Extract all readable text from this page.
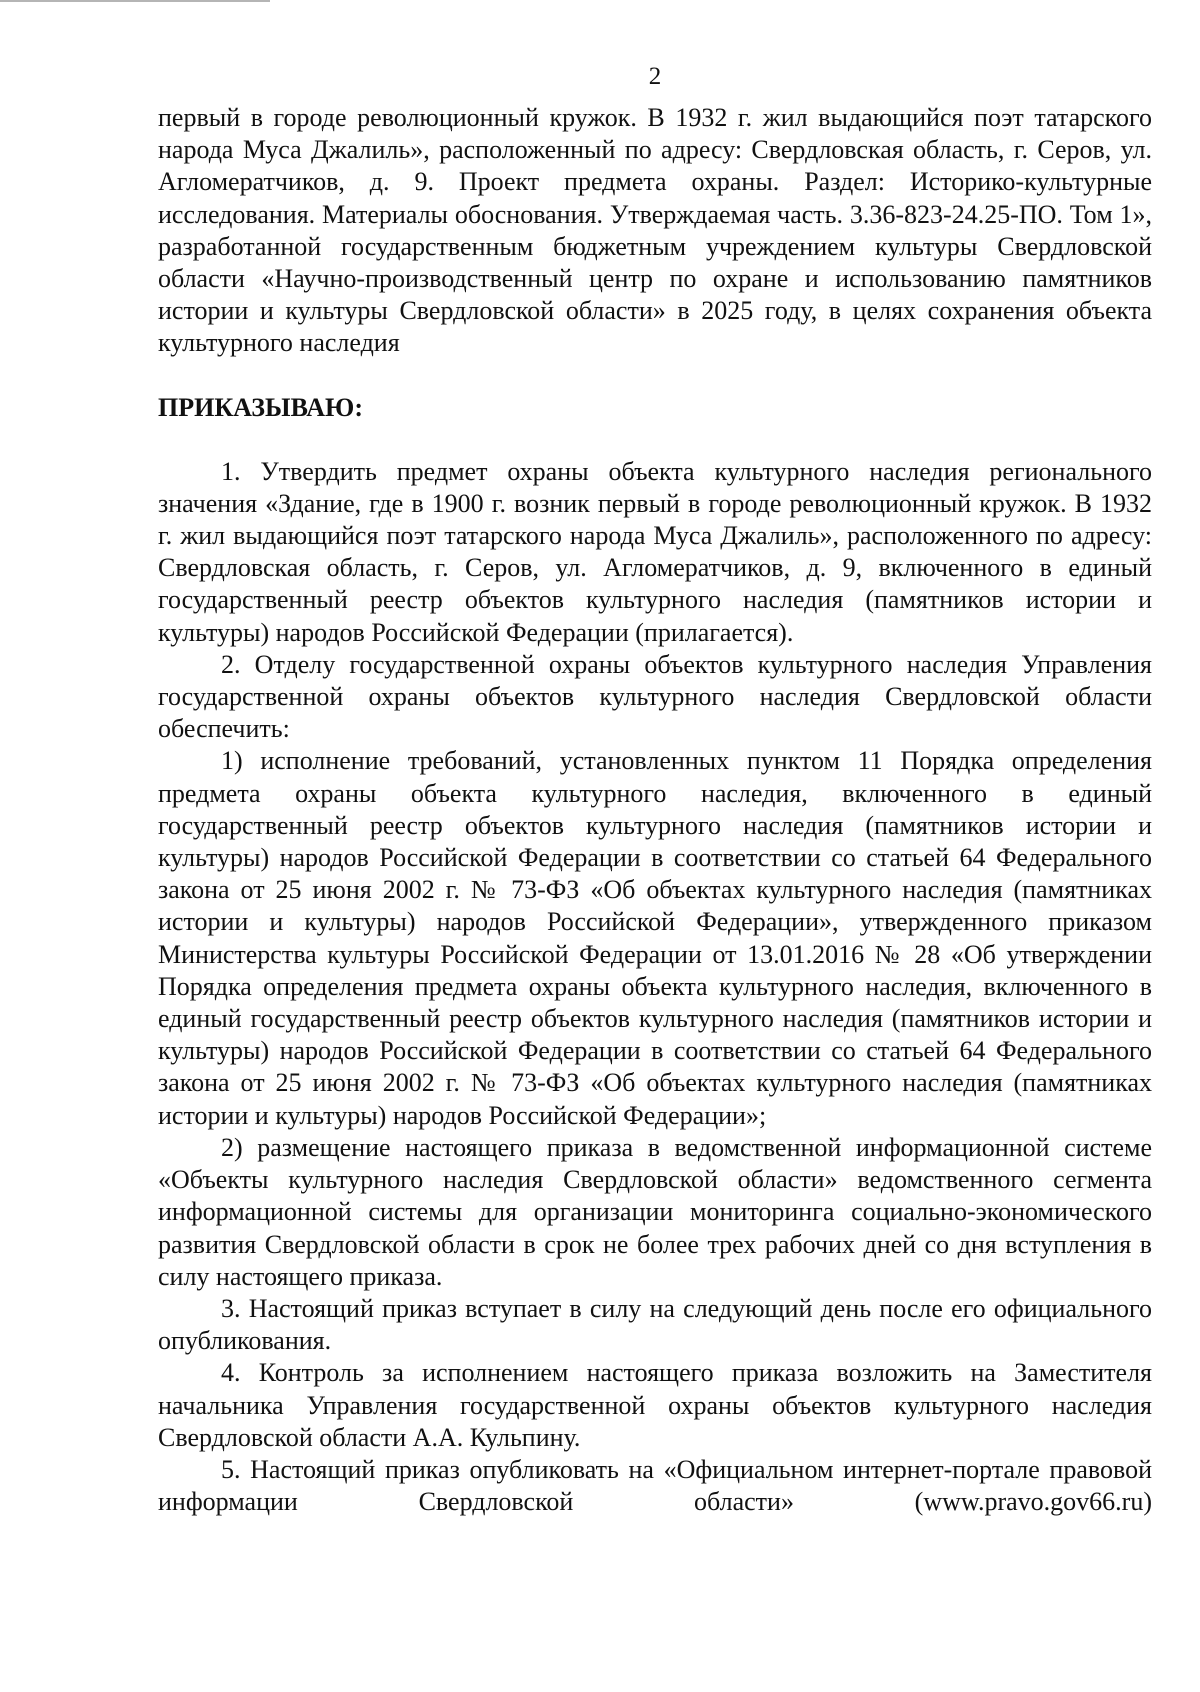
2

первый в городе революционный кружок. В 1932 г. жил выдающийся поэт татарского народа Муса Джалиль», расположенный по адресу: Свердловская область, г. Серов, ул. Агломератчиков, д. 9. Проект предмета охраны. Раздел: Историко-культурные исследования. Материалы обоснования. Утверждаемая часть. 3.36-823-24.25-ПО. Том 1», разработанной государственным бюджетным учреждением культуры Свердловской области «Научно-производственный центр по охране и использованию памятников истории и культуры Свердловской области» в 2025 году, в целях сохранения объекта культурного наследия

ПРИКАЗЫВАЮ:

1. Утвердить предмет охраны объекта культурного наследия регионального значения «Здание, где в 1900 г. возник первый в городе революционный кружок. В 1932 г. жил выдающийся поэт татарского народа Муса Джалиль», расположенного по адресу: Свердловская область, г. Серов, ул. Агломератчиков, д. 9, включенного в единый государственный реестр объектов культурного наследия (памятников истории и культуры) народов Российской Федерации (прилагается).

2. Отделу государственной охраны объектов культурного наследия Управления государственной охраны объектов культурного наследия Свердловской области обеспечить:

1) исполнение требований, установленных пунктом 11 Порядка определения предмета охраны объекта культурного наследия, включенного в единый государственный реестр объектов культурного наследия (памятников истории и культуры) народов Российской Федерации в соответствии со статьей 64 Федерального закона от 25 июня 2002 г. № 73-ФЗ «Об объектах культурного наследия (памятниках истории и культуры) народов Российской Федерации», утвержденного приказом Министерства культуры Российской Федерации от 13.01.2016 № 28 «Об утверждении Порядка определения предмета охраны объекта культурного наследия, включенного в единый государственный реестр объектов культурного наследия (памятников истории и культуры) народов Российской Федерации в соответствии со статьей 64 Федерального закона от 25 июня 2002 г. № 73-ФЗ «Об объектах культурного наследия (памятниках истории и культуры) народов Российской Федерации»;

2) размещение настоящего приказа в ведомственной информационной системе «Объекты культурного наследия Свердловской области» ведомственного сегмента информационной системы для организации мониторинга социально-экономического развития Свердловской области в срок не более трех рабочих дней со дня вступления в силу настоящего приказа.

3. Настоящий приказ вступает в силу на следующий день после его официального опубликования.

4. Контроль за исполнением настоящего приказа возложить на Заместителя начальника Управления государственной охраны объектов культурного наследия Свердловской области А.А. Кульпину.

5. Настоящий приказ опубликовать на «Официальном интернет-портале правовой информации Свердловской области» (www.pravo.gov66.ru)
